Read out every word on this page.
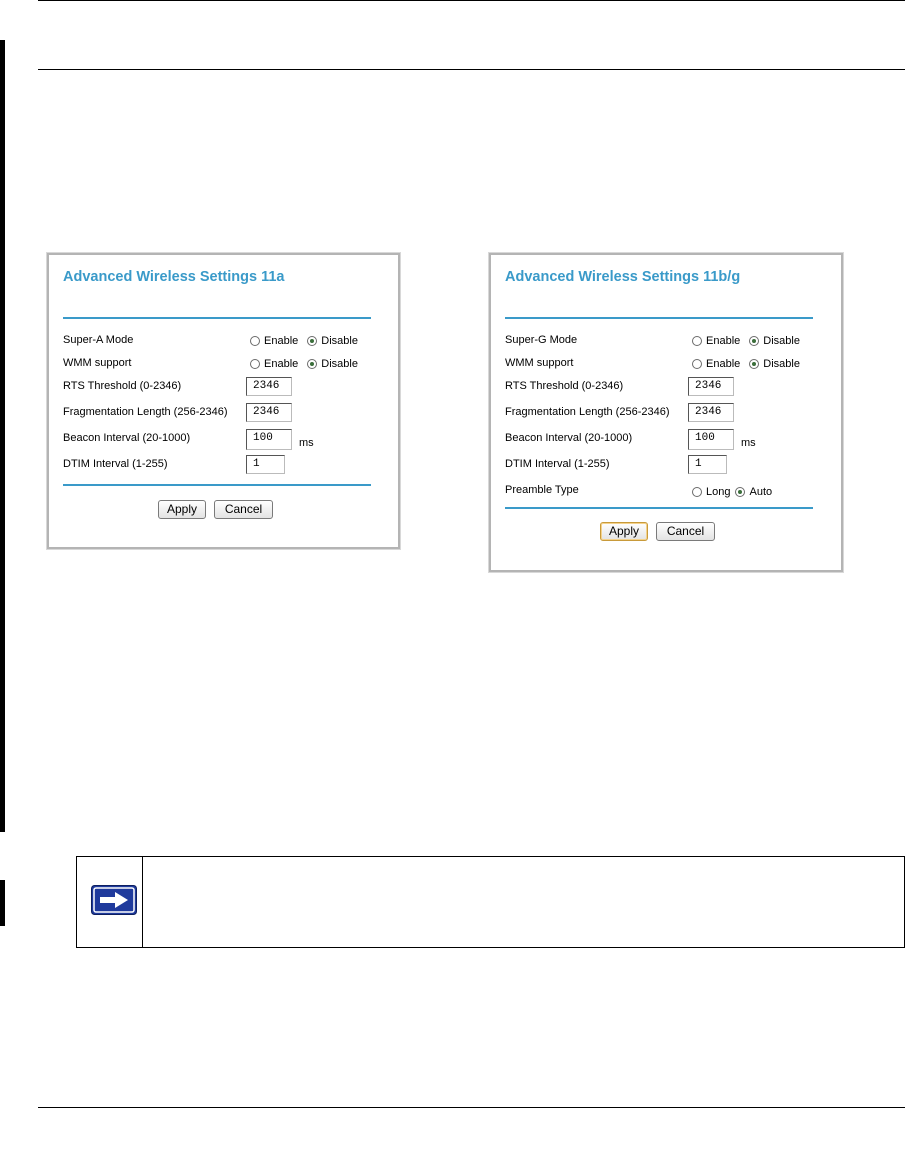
Advanced Wireless Settings 11a
Super-A Mode	Enable Disable
WMM support	Enable Disable
RTS Threshold (0-2346)	2346
Fragmentation Length (256-2346)	2346
Beacon Interval (20-1000)	100	ms
DTIM Interval (1-255)	1
Apply	Cancel
Advanced Wireless Settings 11b/g
Super-G Mode	Enable Disable
WMM support	Enable Disable
RTS Threshold (0-2346)	2346
Fragmentation Length (256-2346)	2346
Beacon Interval (20-1000)	100	ms
DTIM Interval (1-255)	1
Preamble Type	Long Auto
Apply	Cancel
